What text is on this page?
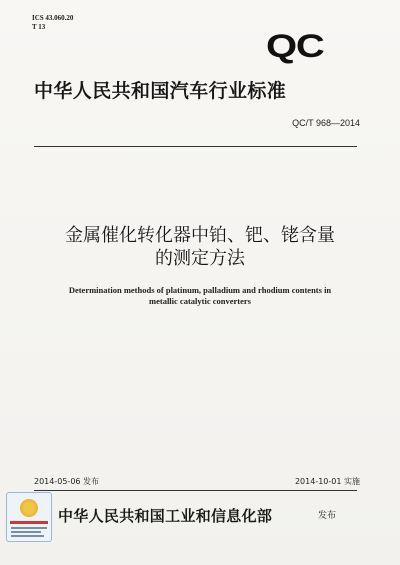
ICS 43.060.20
T 13
QC
中华人民共和国汽车行业标准
QC/T 968—2014
金属催化转化器中铂、钯、铑含量
的测定方法
Determination methods of platinum, palladium and rhodium contents in
metallic catalytic converters
2014-05-06 发布	2014-10-01 实施
中华人民共和国工业和信息化部	发布
